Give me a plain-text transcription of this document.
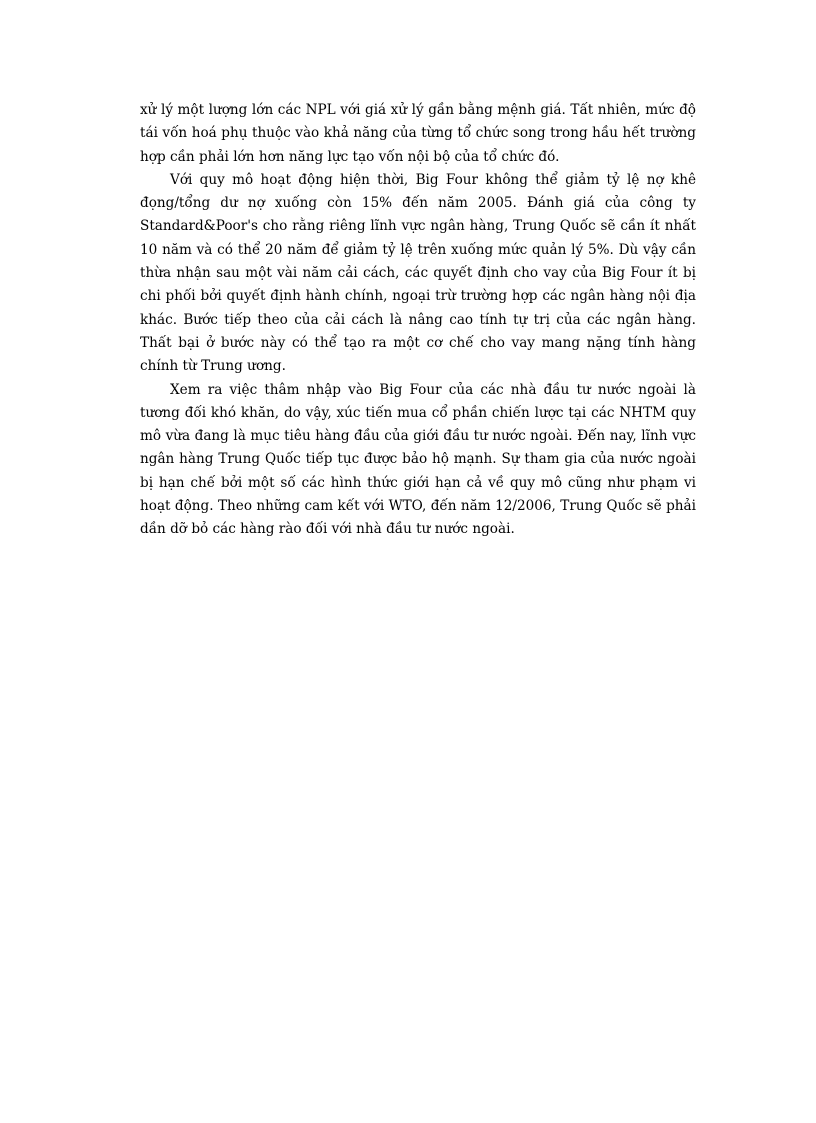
xử lý một lượng lớn các NPL với giá xử lý gần bằng mệnh giá. Tất nhiên, mức độ tái vốn hoá phụ thuộc vào khả năng của từng tổ chức song trong hầu hết trường hợp cần phải lớn hơn năng lực tạo vốn nội bộ của tổ chức đó.

Với quy mô hoạt động hiện thời, Big Four không thể giảm tỷ lệ nợ khê đọng/tổng dư nợ xuống còn 15% đến năm 2005. Đánh giá của công ty Standard&Poor's cho rằng riêng lĩnh vực ngân hàng, Trung Quốc sẽ cần ít nhất 10 năm và có thể 20 năm để giảm tỷ lệ trên xuống mức quản lý 5%. Dù vậy cần thừa nhận sau một vài năm cải cách, các quyết định cho vay của Big Four ít bị chi phối bởi quyết định hành chính, ngoại trừ trường hợp các ngân hàng nội địa khác. Bước tiếp theo của cải cách là nâng cao tính tự trị của các ngân hàng. Thất bại ở bước này có thể tạo ra một cơ chế cho vay mang nặng tính hàng chính từ Trung ương.

Xem ra việc thâm nhập vào Big Four của các nhà đầu tư nước ngoài là tương đối khó khăn, do vậy, xúc tiến mua cổ phần chiến lược tại các NHTM quy mô vừa đang là mục tiêu hàng đầu của giới đầu tư nước ngoài. Đến nay, lĩnh vực ngân hàng Trung Quốc tiếp tục được bảo hộ mạnh. Sự tham gia của nước ngoài bị hạn chế bởi một số các hình thức giới hạn cả về quy mô cũng như phạm vi hoạt động. Theo những cam kết với WTO, đến năm 12/2006, Trung Quốc sẽ phải dần dỡ bỏ các hàng rào đối với nhà đầu tư nước ngoài.
